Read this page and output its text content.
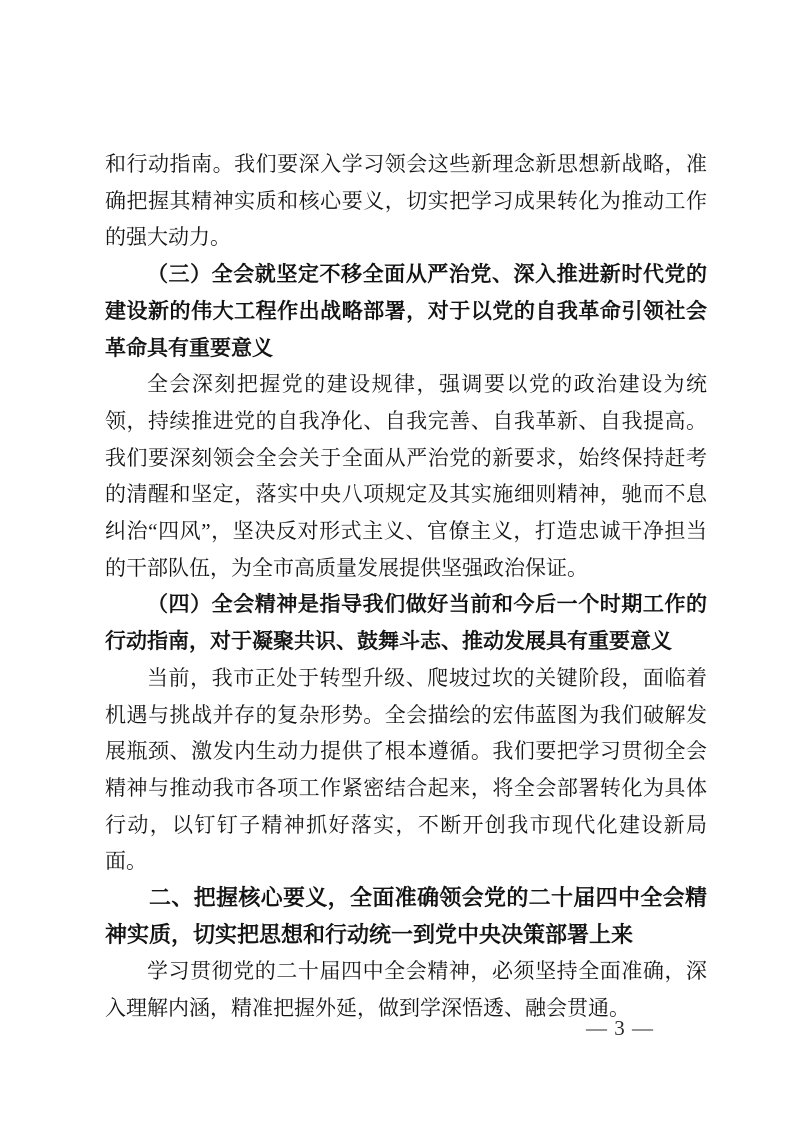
和行动指南。我们要深入学习领会这些新理念新思想新战略，准确把握其精神实质和核心要义，切实把学习成果转化为推动工作的强大动力。

（三）全会就坚定不移全面从严治党、深入推进新时代党的建设新的伟大工程作出战略部署，对于以党的自我革命引领社会革命具有重要意义

全会深刻把握党的建设规律，强调要以党的政治建设为统领，持续推进党的自我净化、自我完善、自我革新、自我提高。我们要深刻领会全会关于全面从严治党的新要求，始终保持赶考的清醒和坚定，落实中央八项规定及其实施细则精神，驰而不息纠治“四风”，坚决反对形式主义、官僚主义，打造忠诚干净担当的干部队伍，为全市高质量发展提供坚强政治保证。

（四）全会精神是指导我们做好当前和今后一个时期工作的行动指南，对于凝聚共识、鼓舞斗志、推动发展具有重要意义

当前，我市正处于转型升级、爬坡过坎的关键阶段，面临着机遇与挑战并存的复杂形势。全会描绘的宏伟蓝图为我们破解发展瓶颈、激发内生动力提供了根本遵循。我们要把学习贯彻全会精神与推动我市各项工作紧密结合起来，将全会部署转化为具体行动，以钉钉子精神抓好落实，不断开创我市现代化建设新局面。

二、把握核心要义，全面准确领会党的二十届四中全会精神实质，切实把思想和行动统一到党中央决策部署上来

学习贯彻党的二十届四中全会精神，必须坚持全面准确，深入理解内涵，精准把握外延，做到学深悟透、融会贯通。

— 3 —
